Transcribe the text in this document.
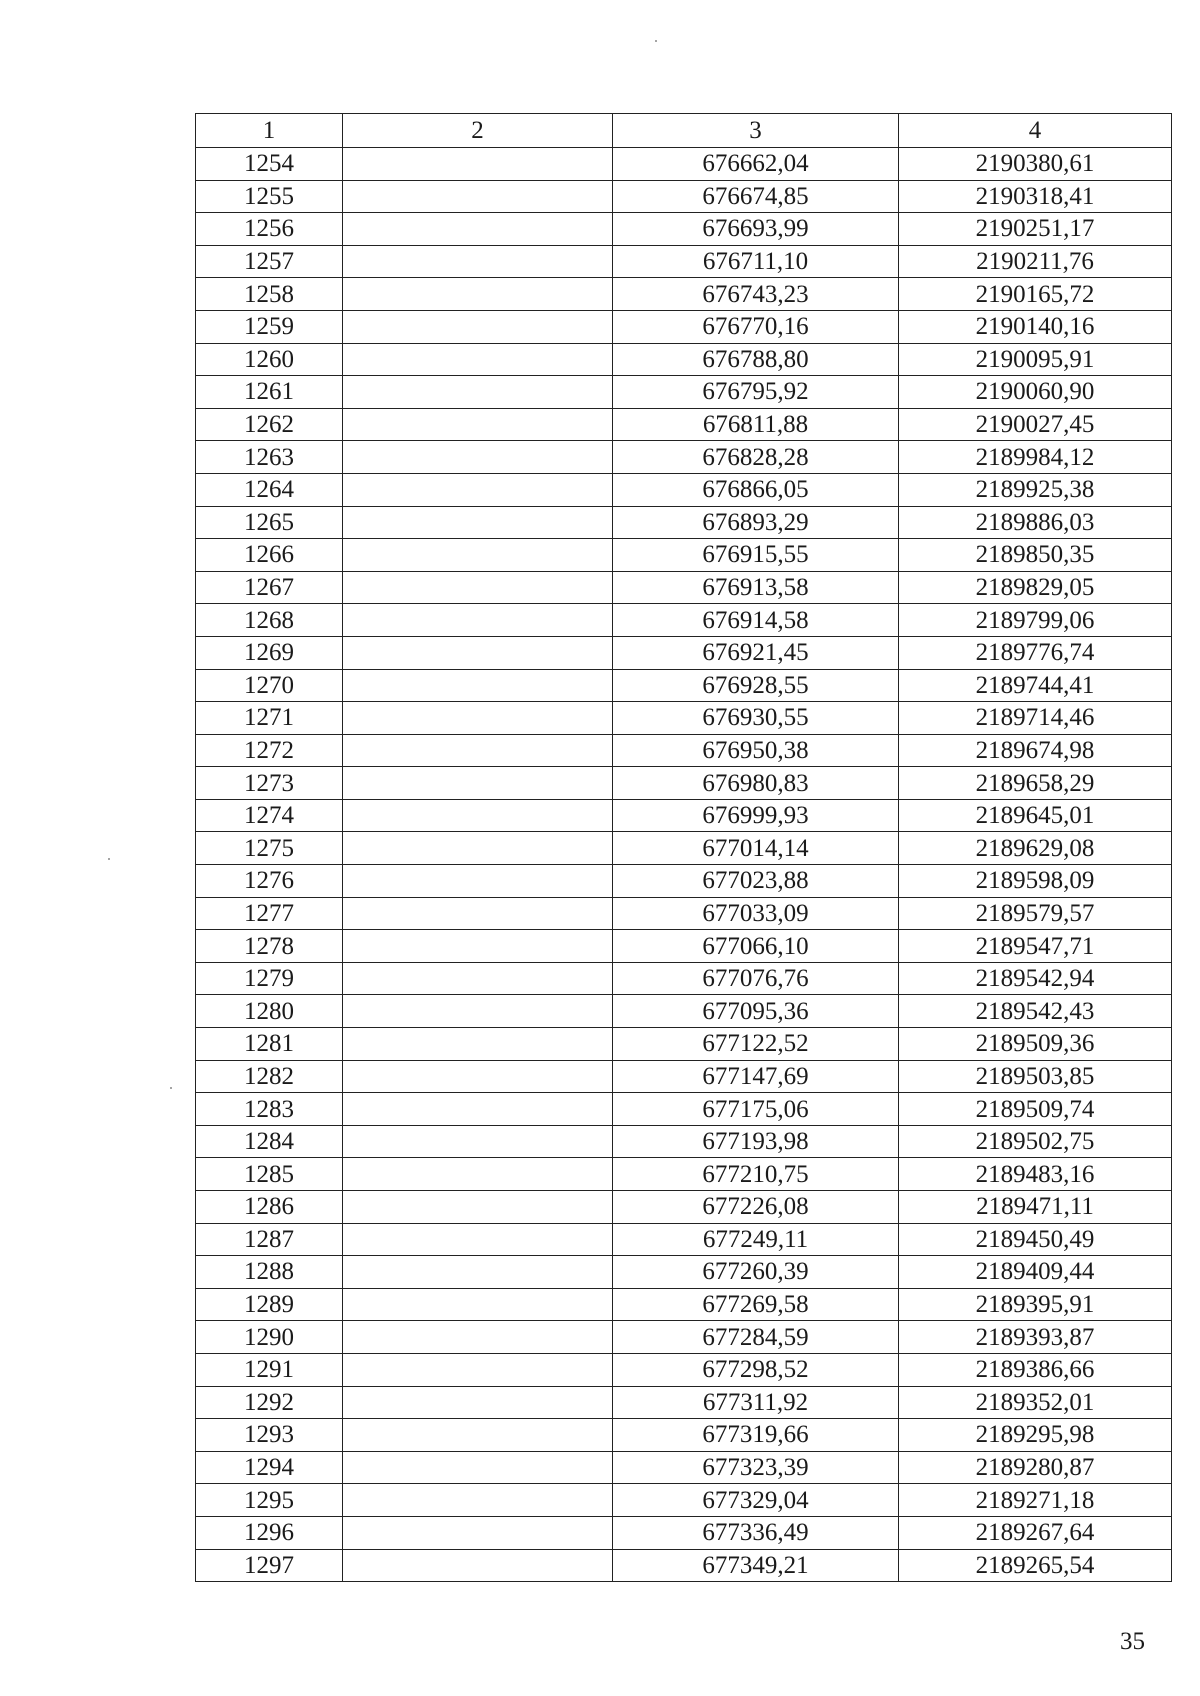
1	2	3	4
1254		676662,04	2190380,61
1255		676674,85	2190318,41
1256		676693,99	2190251,17
1257		676711,10	2190211,76
1258		676743,23	2190165,72
1259		676770,16	2190140,16
1260		676788,80	2190095,91
1261		676795,92	2190060,90
1262		676811,88	2190027,45
1263		676828,28	2189984,12
1264		676866,05	2189925,38
1265		676893,29	2189886,03
1266		676915,55	2189850,35
1267		676913,58	2189829,05
1268		676914,58	2189799,06
1269		676921,45	2189776,74
1270		676928,55	2189744,41
1271		676930,55	2189714,46
1272		676950,38	2189674,98
1273		676980,83	2189658,29
1274		676999,93	2189645,01
1275		677014,14	2189629,08
1276		677023,88	2189598,09
1277		677033,09	2189579,57
1278		677066,10	2189547,71
1279		677076,76	2189542,94
1280		677095,36	2189542,43
1281		677122,52	2189509,36
1282		677147,69	2189503,85
1283		677175,06	2189509,74
1284		677193,98	2189502,75
1285		677210,75	2189483,16
1286		677226,08	2189471,11
1287		677249,11	2189450,49
1288		677260,39	2189409,44
1289		677269,58	2189395,91
1290		677284,59	2189393,87
1291		677298,52	2189386,66
1292		677311,92	2189352,01
1293		677319,66	2189295,98
1294		677323,39	2189280,87
1295		677329,04	2189271,18
1296		677336,49	2189267,64
1297		677349,21	2189265,54
35
